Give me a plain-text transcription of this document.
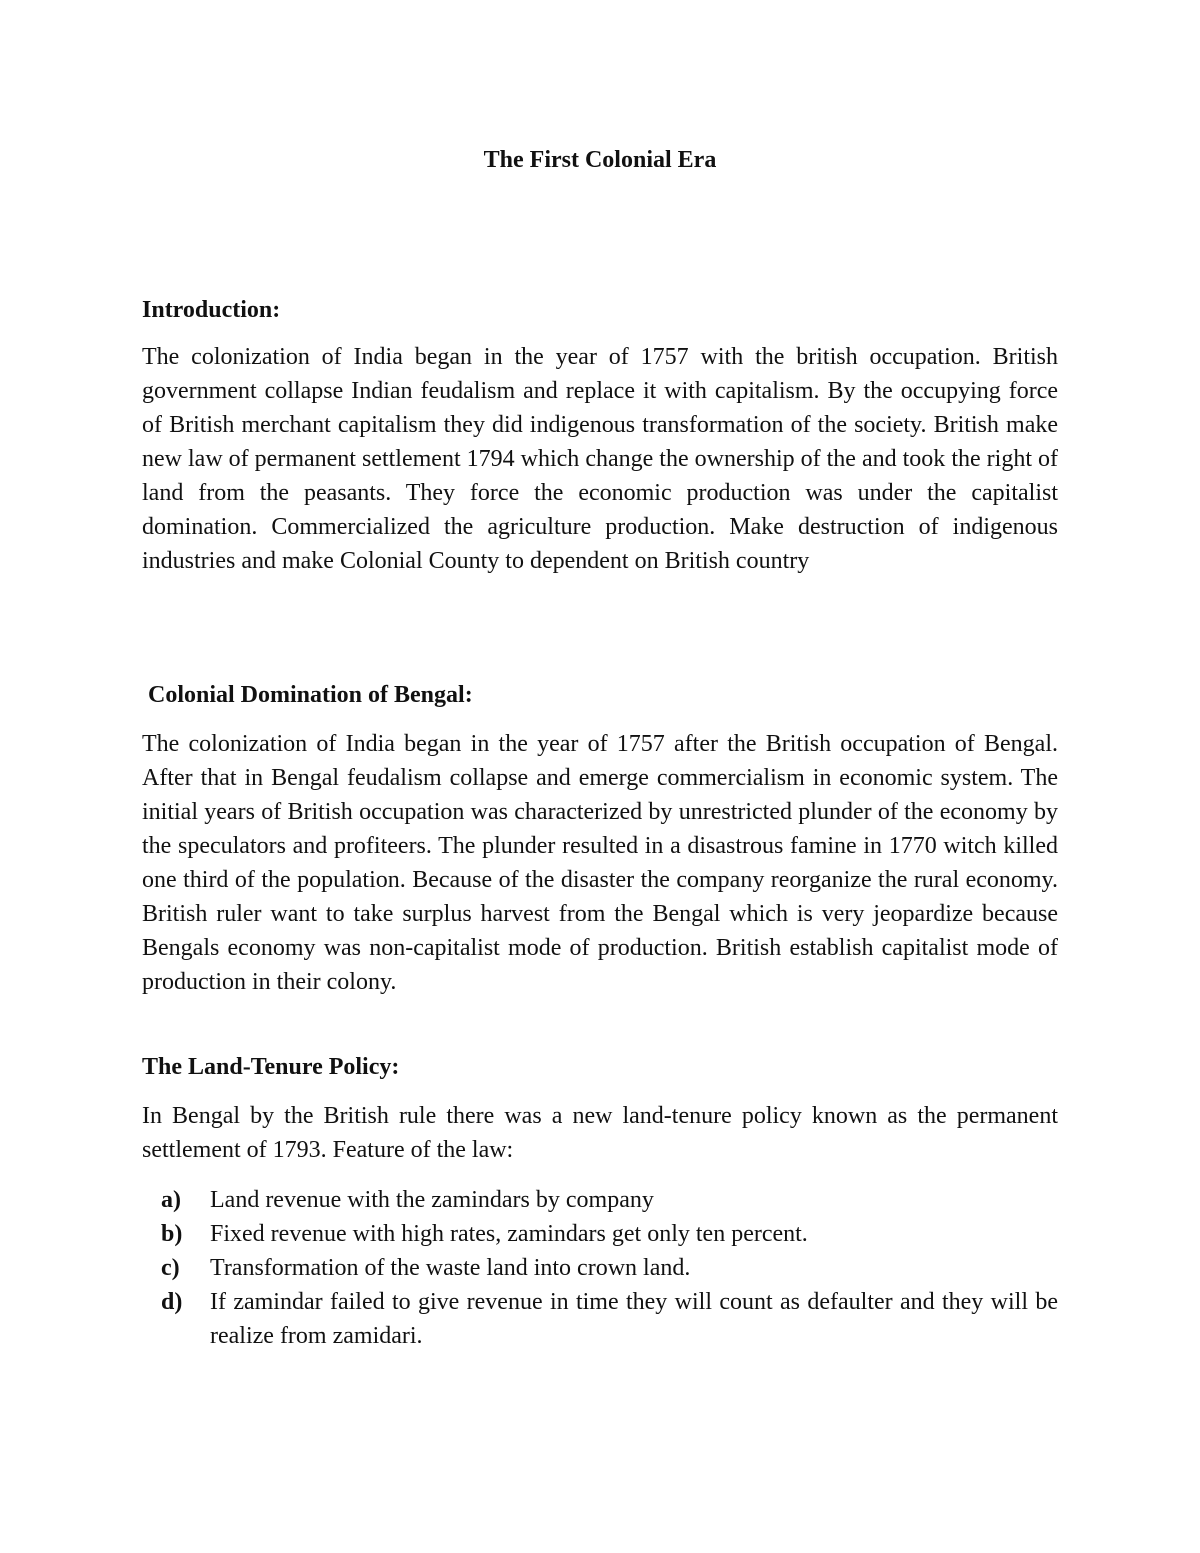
The First Colonial Era
Introduction:

The colonization of India began in the year of 1757 with the british occupation. British government collapse Indian feudalism and replace it with capitalism. By the occupying force of British merchant capitalism they did indigenous transformation of the society. British make new law of permanent settlement 1794 which change the ownership of the and took the right of land from the peasants. They force the economic production was under the capitalist domination. Commercialized the agriculture production. Make destruction of indigenous industries and make Colonial County to dependent on British country

Colonial Domination of Bengal:

The colonization of India began in the year of 1757 after the British occupation of Bengal. After that in Bengal feudalism collapse and emerge commercialism in economic system. The initial years of British occupation was characterized by unrestricted plunder of the economy by the speculators and profiteers. The plunder resulted in a disastrous famine in 1770 witch killed one third of the population. Because of the disaster the company reorganize the rural economy. British ruler want to take surplus harvest from the Bengal which is very jeopardize because Bengals economy was non-capitalist mode of production. British establish capitalist mode of production in their colony.

The Land-Tenure Policy:

In Bengal by the British rule there was a new land-tenure policy known as the permanent settlement of 1793. Feature of the law:

a) Land revenue with the zamindars by company
b) Fixed revenue with high rates, zamindars get only ten percent.
c) Transformation of the waste land into crown land.
d) If zamindar failed to give revenue in time they will count as defaulter and they will be realize from zamidari.
